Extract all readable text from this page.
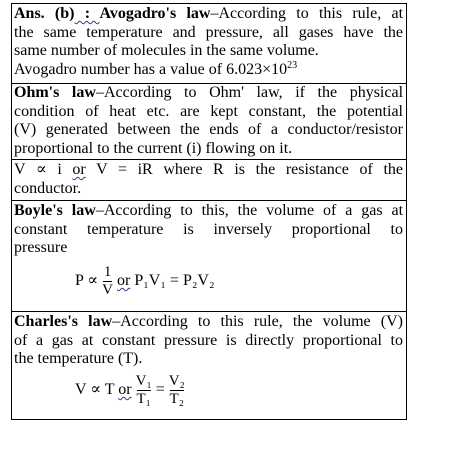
Ans. (b) : Avogadro's law–According to this rule, at
the same temperature and pressure, all gases have the
same number of molecules in the same volume.
Avogadro number has a value of $6.023\times 10^{23}$
Ohm's law–According to Ohm' law, if the physical
condition of heat etc. are kept constant, the potential
(V) generated between the ends of a conductor/resistor
proportional to the current (i) flowing on it.
V ∝ i or V = iR where R is the resistance of the
conductor.
Boyle's law–According to this, the volume of a gas at
constant temperature is inversely proportional to
pressure
$P \propto \frac{1}{V}$ or P₁V₁ = P₂V₂
Charles's law–According to this rule, the volume (V)
of a gas at constant pressure is directly proportional to
the temperature (T).
V ∝ T or $\frac{\text{V₁}}{\text{T₁}} = \frac{\text{V₂}}{\text{T₂}}$
